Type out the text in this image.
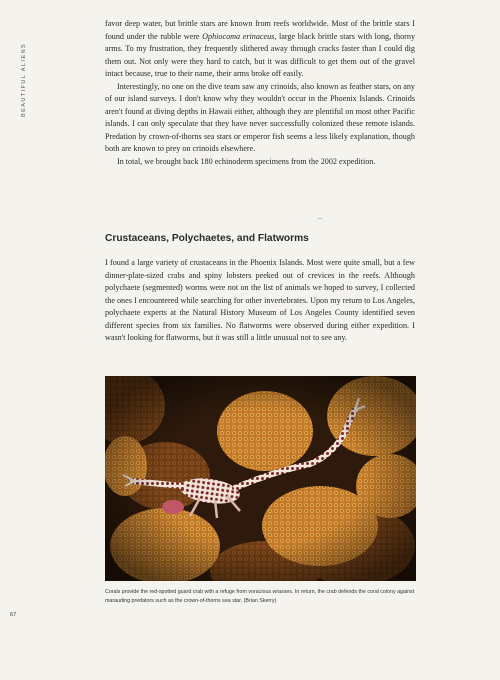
BEAUTIFUL ALIENS

favor deep water, but brittle stars are known from reefs worldwide. Most of the brittle stars I found under the rubble were Ophiocoma erinaceus, large black brittle stars with long, thorny arms. To my frustration, they frequently slithered away through cracks faster than I could dig them out. Not only were they hard to catch, but it was difficult to get them out of the gravel intact because, true to their name, their arms broke off easily.

Interestingly, no one on the dive team saw any crinoids, also known as feather stars, on any of our island surveys. I don't know why they wouldn't occur in the Phoenix Islands. Crinoids aren't found at diving depths in Hawaii either, although they are plentiful on most other Pacific islands. I can only speculate that they have never successfully colonized these remote islands. Predation by crown-of-thorns sea stars or emperor fish seems a less likely explanation, though both are known to prey on crinoids elsewhere.

In total, we brought back 180 echinoderm specimens from the 2002 expedition.

Crustaceans, Polychaetes, and Flatworms

I found a large variety of crustaceans in the Phoenix Islands. Most were quite small, but a few dinner-plate-sized crabs and spiny lobsters peeked out of crevices in the reefs. Although polychaete (segmented) worms were not on the list of animals we hoped to survey, I collected the ones I encountered while searching for other invertebrates. Upon my return to Los Angeles, polychaete experts at the Natural History Museum of Los Angeles County identified seven different species from six families. No flatworms were observed during either expedition. I wasn't looking for flatworms, but it was still a little unusual not to see any.

Corals provide the red-spotted guard crab with a refuge from voracious wrasses. In return, the crab defends the coral colony against marauding predators such as the crown-of-thorns sea star. (Brian Skerry)

67
